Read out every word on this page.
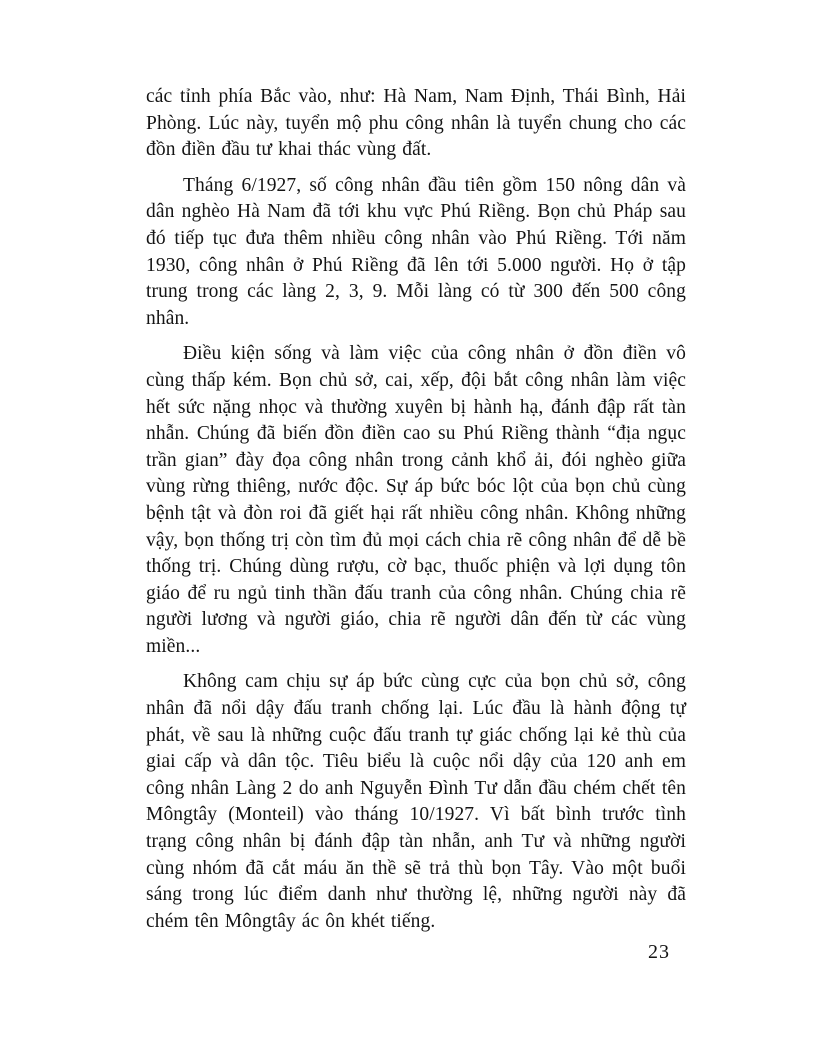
các tỉnh phía Bắc vào, như: Hà Nam, Nam Định, Thái Bình, Hải Phòng. Lúc này, tuyển mộ phu công nhân là tuyển chung cho các đồn điền đầu tư khai thác vùng đất.

Tháng 6/1927, số công nhân đầu tiên gồm 150 nông dân và dân nghèo Hà Nam đã tới khu vực Phú Riềng. Bọn chủ Pháp sau đó tiếp tục đưa thêm nhiều công nhân vào Phú Riềng. Tới năm 1930, công nhân ở Phú Riềng đã lên tới 5.000 người. Họ ở tập trung trong các làng 2, 3, 9. Mỗi làng có từ 300 đến 500 công nhân.

Điều kiện sống và làm việc của công nhân ở đồn điền vô cùng thấp kém. Bọn chủ sở, cai, xếp, đội bắt công nhân làm việc hết sức nặng nhọc và thường xuyên bị hành hạ, đánh đập rất tàn nhẫn. Chúng đã biến đồn điền cao su Phú Riềng thành “địa ngục trần gian” đày đọa công nhân trong cảnh khổ ải, đói nghèo giữa vùng rừng thiêng, nước độc. Sự áp bức bóc lột của bọn chủ cùng bệnh tật và đòn roi đã giết hại rất nhiều công nhân. Không những vậy, bọn thống trị còn tìm đủ mọi cách chia rẽ công nhân để dễ bề thống trị. Chúng dùng rượu, cờ bạc, thuốc phiện và lợi dụng tôn giáo để ru ngủ tinh thần đấu tranh của công nhân. Chúng chia rẽ người lương và người giáo, chia rẽ người dân đến từ các vùng miền...

Không cam chịu sự áp bức cùng cực của bọn chủ sở, công nhân đã nổi dậy đấu tranh chống lại. Lúc đầu là hành động tự phát, về sau là những cuộc đấu tranh tự giác chống lại kẻ thù của giai cấp và dân tộc. Tiêu biểu là cuộc nổi dậy của 120 anh em công nhân Làng 2 do anh Nguyễn Đình Tư dẫn đầu chém chết tên Môngtây (Monteil) vào tháng 10/1927. Vì bất bình trước tình trạng công nhân bị đánh đập tàn nhẫn, anh Tư và những người cùng nhóm đã cắt máu ăn thề sẽ trả thù bọn Tây. Vào một buổi sáng trong lúc điểm danh như thường lệ, những người này đã chém tên Môngtây ác ôn khét tiếng.

23
